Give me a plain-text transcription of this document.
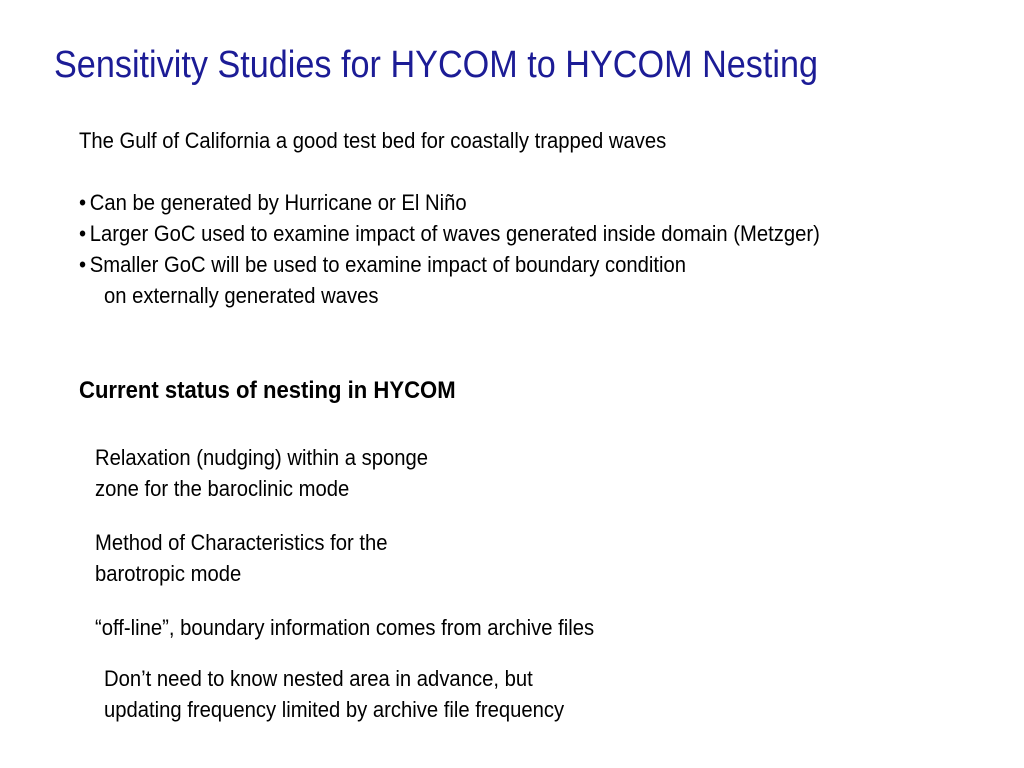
Sensitivity Studies for HYCOM to HYCOM Nesting
The Gulf of California a good test bed for coastally trapped waves
• Can be generated by Hurricane or El Niño
• Larger GoC used to examine impact of waves generated inside domain (Metzger)
• Smaller GoC will be used to examine impact of boundary condition
on externally generated waves
Current status of nesting in HYCOM
Relaxation (nudging) within a sponge
zone for the baroclinic mode
Method of Characteristics for the
barotropic mode
“off-line”, boundary information comes from archive files
Don’t need to know nested area in advance, but
updating frequency limited by archive file frequency
